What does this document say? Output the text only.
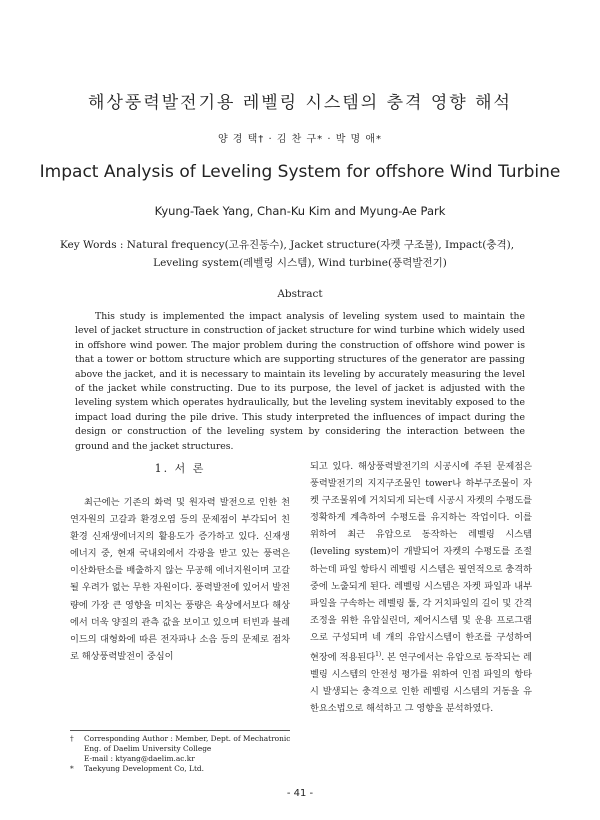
해상풍력발전기용 레벨링 시스템의 충격 영향 해석
양 경 택† · 김 찬 구* · 박 명 애*
Impact Analysis of Leveling System for offshore Wind Turbine
Kyung-Taek Yang, Chan-Ku Kim and Myung-Ae Park
Key Words : Natural frequency(고유진동수), Jacket structure(자켓 구조물), Impact(충격),
Leveling system(레벨링 시스템), Wind turbine(풍력발전기)
Abstract

This study is implemented the impact analysis of leveling system used to maintain the level of jacket structure in construction of jacket structure for wind turbine which widely used in offshore wind power. The major problem during the construction of offshore wind power is that a tower or bottom structure which are supporting structures of the generator are passing above the jacket, and it is necessary to maintain its leveling by accurately measuring the level of the jacket while constructing. Due to its purpose, the level of jacket is adjusted with the leveling system which operates hydraulically, but the leveling system inevitably exposed to the impact load during the pile drive. This study interpreted the influences of impact during the design or construction of the leveling system by considering the interaction between the ground and the jacket structures.

1. 서 론

최근에는 기존의 화력 및 원자력 발전으로 인한 천연자원의 고갈과 환경오염 등의 문제점이 부각되어 친환경 신재생에너지의 활용도가 증가하고 있다. 신재생에너지 중, 현재 국내외에서 각광을 받고 있는 풍력은 이산화탄소를 배출하지 않는 무공해 에너지원이며 고갈될 우려가 없는 무한 자원이다. 풍력발전에 있어서 발전량에 가장 큰 영향을 미치는 풍량은 육상에서보다 해상에서 더욱 양질의 관측 값을 보이고 있으며 터빈과 블레이드의 대형화에 따른 전자파나 소음 등의 문제로 점차로 해상풍력발전이 중심이

되고 있다. 해상풍력발전기의 시공시에 주된 문제점은 풍력발전기의 지지구조물인 tower나 하부구조물이 자켓 구조물위에 거치되게 되는데 시공시 자켓의 수평도를 정확하게 계측하여 수평도를 유지하는 작업이다. 이를 위하여 최근 유압으로 동작하는 레벨링 시스템(leveling system)이 개발되어 자켓의 수평도를 조절하는데 파일 항타시 레벨링 시스템은 필연적으로 충격하중에 노출되게 된다. 레벨링 시스템은 자켓 파일과 내부 파일을 구속하는 레벨링 툴, 각 거치파일의 길이 및 간격조정을 위한 유압실린더, 제어시스템 및 운용 프로그램으로 구성되며 네 개의 유압시스템이 한조를 구성하여 현장에 적용된다$^{1)}$. 본 연구에서는 유압으로 동작되는 레벨링 시스템의 안전성 평가를 위하여 인접 파일의 항타시 발생되는 충격으로 인한 레벨링 시스템의 거동을 유한요소법으로 해석하고 그 영향을 분석하였다.

† Corresponding Author : Member, Dept. of Mechatronic
Eng. of Daelim University College
E-mail : ktyang@daelim.ac.kr
* Taekyung Development Co, Ltd.
- 41 -
